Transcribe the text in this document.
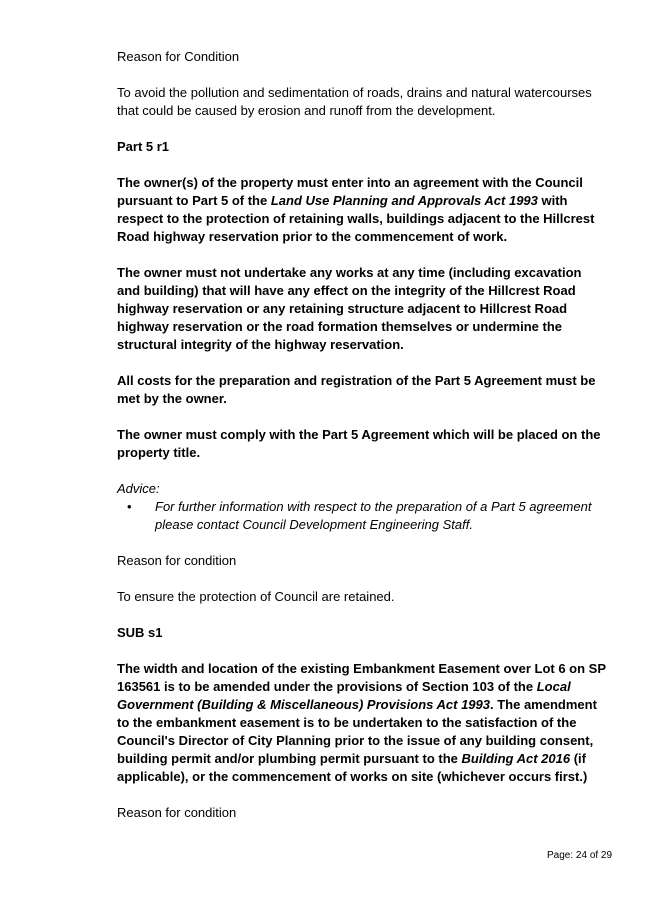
Reason for Condition

To avoid the pollution and sedimentation of roads, drains and natural watercourses that could be caused by erosion and runoff from the development.

Part 5 r1

The owner(s) of the property must enter into an agreement with the Council pursuant to Part 5 of the Land Use Planning and Approvals Act 1993 with respect to the protection of retaining walls, buildings adjacent to the Hillcrest Road highway reservation prior to the commencement of work.

The owner must not undertake any works at any time (including excavation and building) that will have any effect on the integrity of the Hillcrest Road highway reservation or any retaining structure adjacent to Hillcrest Road highway reservation or the road formation themselves or undermine the structural integrity of the highway reservation.

All costs for the preparation and registration of the Part 5 Agreement must be met by the owner.

The owner must comply with the Part 5 Agreement which will be placed on the property title.

Advice:

• For further information with respect to the preparation of a Part 5 agreement please contact Council Development Engineering Staff.

Reason for condition

To ensure the protection of Council are retained.

SUB s1

The width and location of the existing Embankment Easement over Lot 6 on SP 163561 is to be amended under the provisions of Section 103 of the Local Government (Building & Miscellaneous) Provisions Act 1993. The amendment to the embankment easement is to be undertaken to the satisfaction of the Council's Director of City Planning prior to the issue of any building consent, building permit and/or plumbing permit pursuant to the Building Act 2016 (if applicable), or the commencement of works on site (whichever occurs first.)

Reason for condition

Page: 24 of 29
